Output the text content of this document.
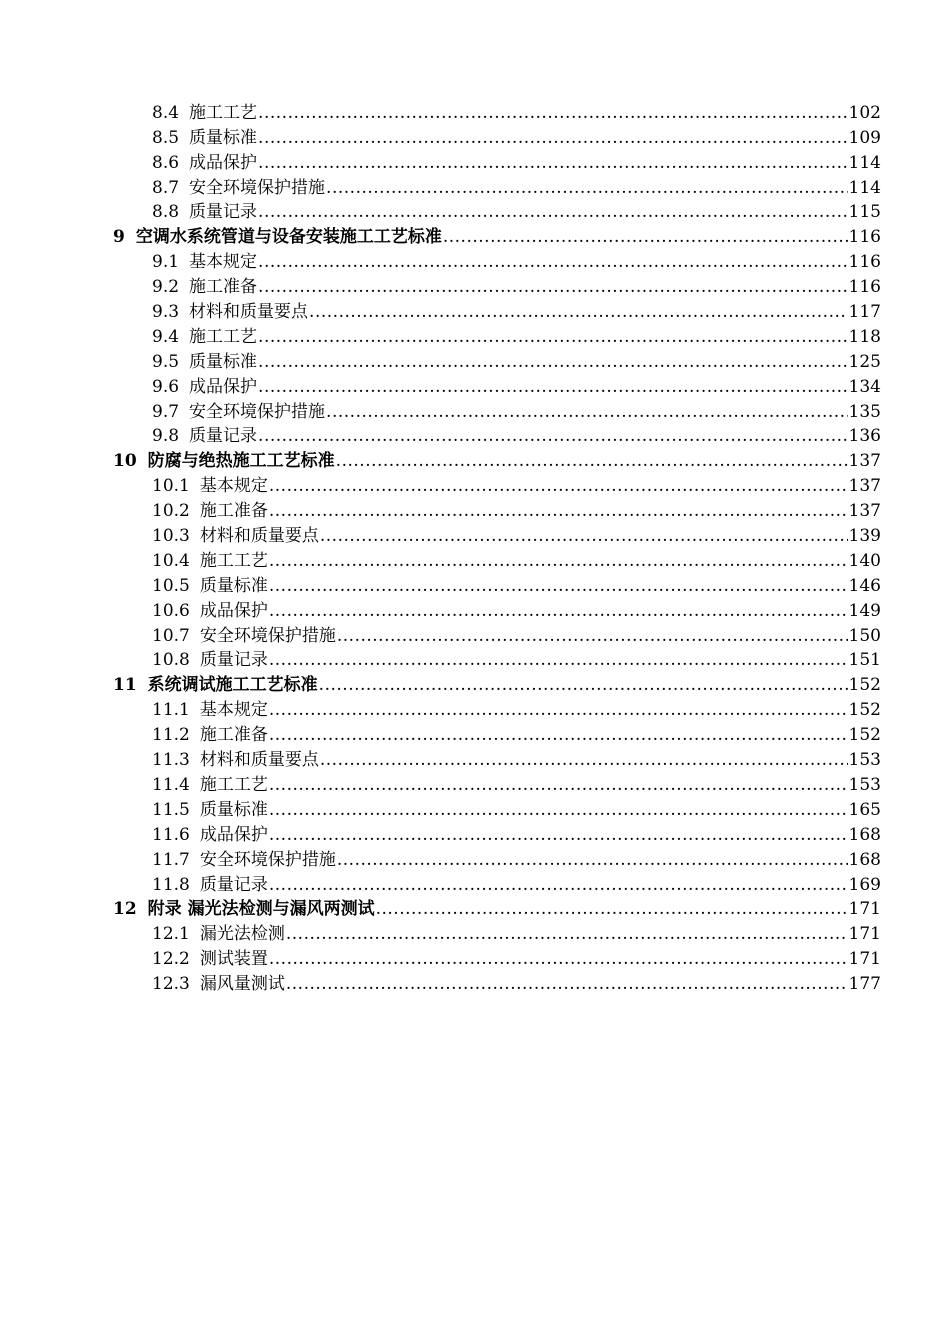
8.4 施工工艺 .....	102
8.5 质量标准 .....	109
8.6 成品保护 .....	114
8.7 安全环境保护措施 .....	114
8.8 质量记录 .....	115
9 空调水系统管道与设备安装施工工艺标准 .....	116
9.1 基本规定 .....	116
9.2 施工准备 .....	116
9.3 材料和质量要点 .....	117
9.4 施工工艺 .....	118
9.5 质量标准 .....	125
9.6 成品保护 .....	134
9.7 安全环境保护措施 .....	135
9.8 质量记录 .....	136
10 防腐与绝热施工工艺标准 .....	137
10.1 基本规定 .....	137
10.2 施工准备 .....	137
10.3 材料和质量要点 .....	139
10.4 施工工艺 .....	140
10.5 质量标准 .....	146
10.6 成品保护 .....	149
10.7 安全环境保护措施 .....	150
10.8 质量记录 .....	151
11 系统调试施工工艺标准 .....	152
11.1 基本规定 .....	152
11.2 施工准备 .....	152
11.3 材料和质量要点 .....	153
11.4 施工工艺 .....	153
11.5 质量标准 .....	165
11.6 成品保护 .....	168
11.7 安全环境保护措施 .....	168
11.8 质量记录 .....	169
12 附录 漏光法检测与漏风两测试 .....	171
12.1 漏光法检测 .....	171
12.2 测试装置 .....	171
12.3 漏风量测试 .....	177
